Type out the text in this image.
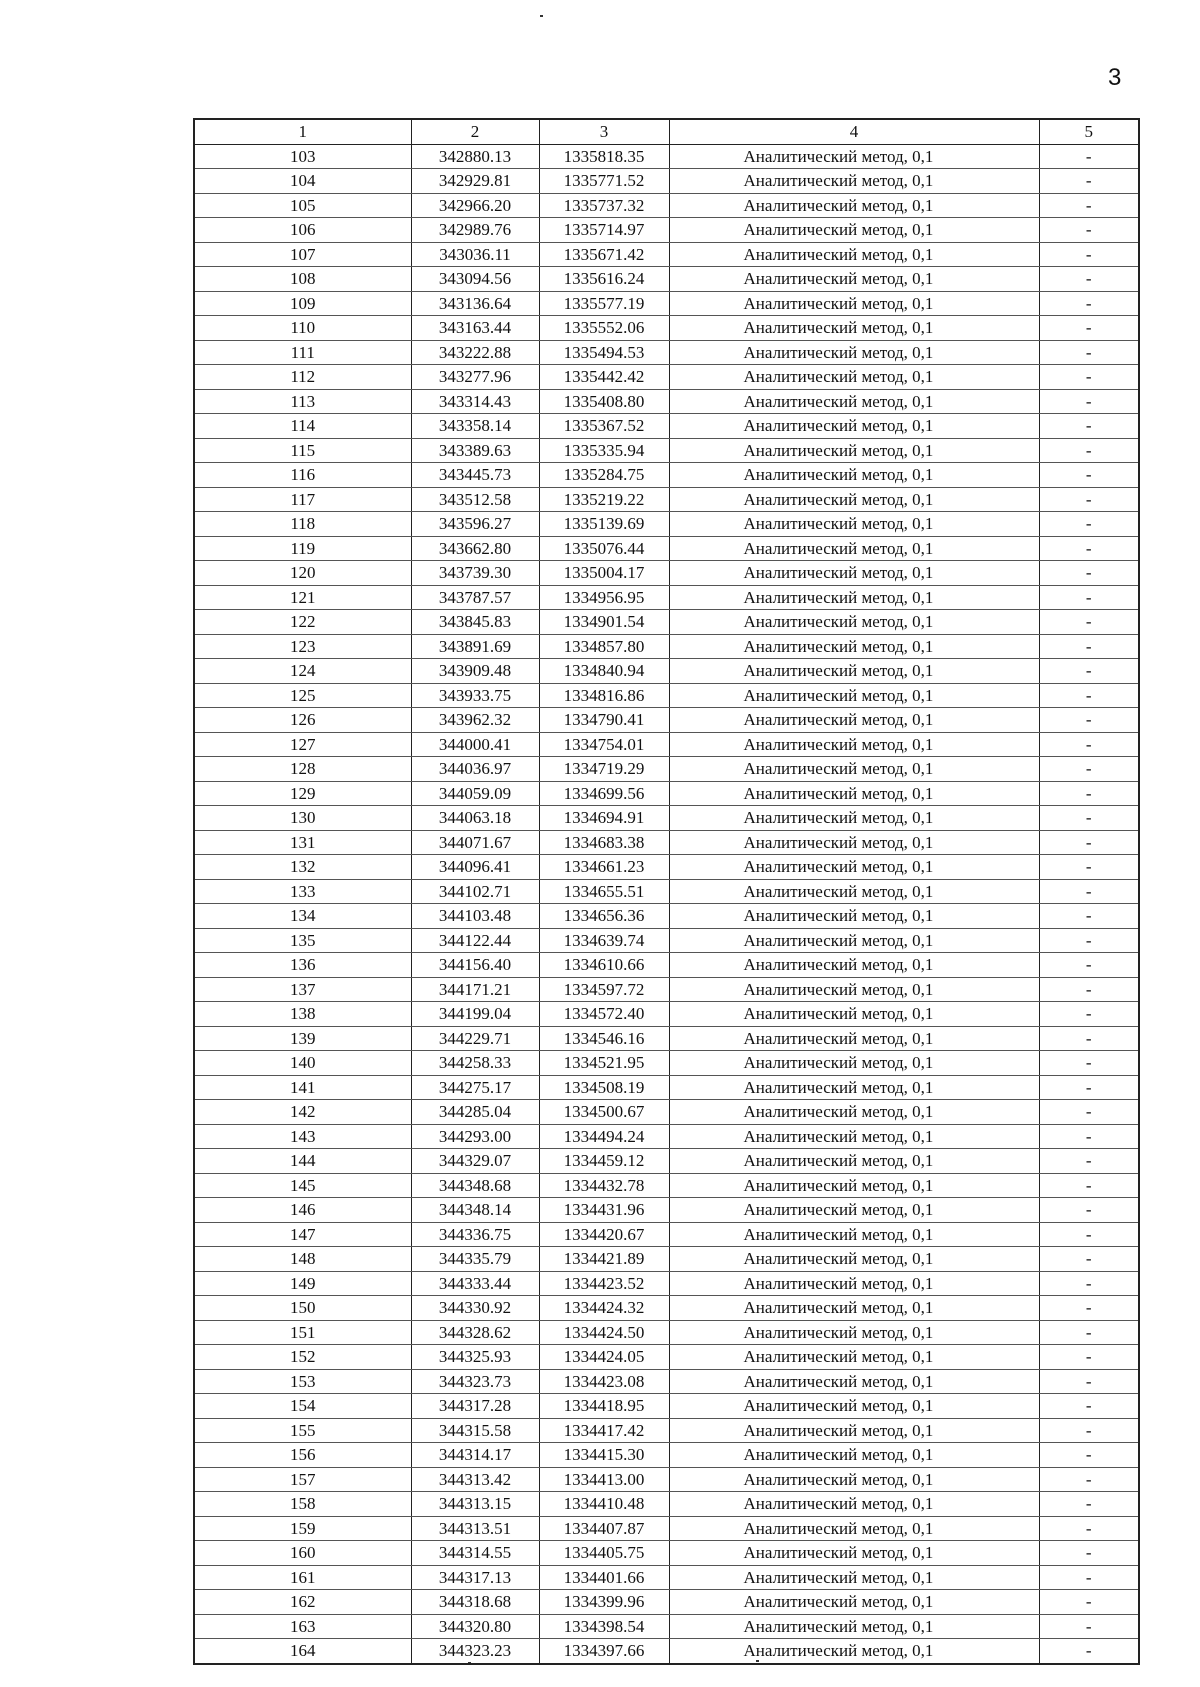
3
1	2	3	4	5
103	342880.13	1335818.35	Аналитический метод, 0,1	-
104	342929.81	1335771.52	Аналитический метод, 0,1	-
105	342966.20	1335737.32	Аналитический метод, 0,1	-
106	342989.76	1335714.97	Аналитический метод, 0,1	-
107	343036.11	1335671.42	Аналитический метод, 0,1	-
108	343094.56	1335616.24	Аналитический метод, 0,1	-
109	343136.64	1335577.19	Аналитический метод, 0,1	-
110	343163.44	1335552.06	Аналитический метод, 0,1	-
111	343222.88	1335494.53	Аналитический метод, 0,1	-
112	343277.96	1335442.42	Аналитический метод, 0,1	-
113	343314.43	1335408.80	Аналитический метод, 0,1	-
114	343358.14	1335367.52	Аналитический метод, 0,1	-
115	343389.63	1335335.94	Аналитический метод, 0,1	-
116	343445.73	1335284.75	Аналитический метод, 0,1	-
117	343512.58	1335219.22	Аналитический метод, 0,1	-
118	343596.27	1335139.69	Аналитический метод, 0,1	-
119	343662.80	1335076.44	Аналитический метод, 0,1	-
120	343739.30	1335004.17	Аналитический метод, 0,1	-
121	343787.57	1334956.95	Аналитический метод, 0,1	-
122	343845.83	1334901.54	Аналитический метод, 0,1	-
123	343891.69	1334857.80	Аналитический метод, 0,1	-
124	343909.48	1334840.94	Аналитический метод, 0,1	-
125	343933.75	1334816.86	Аналитический метод, 0,1	-
126	343962.32	1334790.41	Аналитический метод, 0,1	-
127	344000.41	1334754.01	Аналитический метод, 0,1	-
128	344036.97	1334719.29	Аналитический метод, 0,1	-
129	344059.09	1334699.56	Аналитический метод, 0,1	-
130	344063.18	1334694.91	Аналитический метод, 0,1	-
131	344071.67	1334683.38	Аналитический метод, 0,1	-
132	344096.41	1334661.23	Аналитический метод, 0,1	-
133	344102.71	1334655.51	Аналитический метод, 0,1	-
134	344103.48	1334656.36	Аналитический метод, 0,1	-
135	344122.44	1334639.74	Аналитический метод, 0,1	-
136	344156.40	1334610.66	Аналитический метод, 0,1	-
137	344171.21	1334597.72	Аналитический метод, 0,1	-
138	344199.04	1334572.40	Аналитический метод, 0,1	-
139	344229.71	1334546.16	Аналитический метод, 0,1	-
140	344258.33	1334521.95	Аналитический метод, 0,1	-
141	344275.17	1334508.19	Аналитический метод, 0,1	-
142	344285.04	1334500.67	Аналитический метод, 0,1	-
143	344293.00	1334494.24	Аналитический метод, 0,1	-
144	344329.07	1334459.12	Аналитический метод, 0,1	-
145	344348.68	1334432.78	Аналитический метод, 0,1	-
146	344348.14	1334431.96	Аналитический метод, 0,1	-
147	344336.75	1334420.67	Аналитический метод, 0,1	-
148	344335.79	1334421.89	Аналитический метод, 0,1	-
149	344333.44	1334423.52	Аналитический метод, 0,1	-
150	344330.92	1334424.32	Аналитический метод, 0,1	-
151	344328.62	1334424.50	Аналитический метод, 0,1	-
152	344325.93	1334424.05	Аналитический метод, 0,1	-
153	344323.73	1334423.08	Аналитический метод, 0,1	-
154	344317.28	1334418.95	Аналитический метод, 0,1	-
155	344315.58	1334417.42	Аналитический метод, 0,1	-
156	344314.17	1334415.30	Аналитический метод, 0,1	-
157	344313.42	1334413.00	Аналитический метод, 0,1	-
158	344313.15	1334410.48	Аналитический метод, 0,1	-
159	344313.51	1334407.87	Аналитический метод, 0,1	-
160	344314.55	1334405.75	Аналитический метод, 0,1	-
161	344317.13	1334401.66	Аналитический метод, 0,1	-
162	344318.68	1334399.96	Аналитический метод, 0,1	-
163	344320.80	1334398.54	Аналитический метод, 0,1	-
164	344323.23	1334397.66	Аналитический метод, 0,1	-
